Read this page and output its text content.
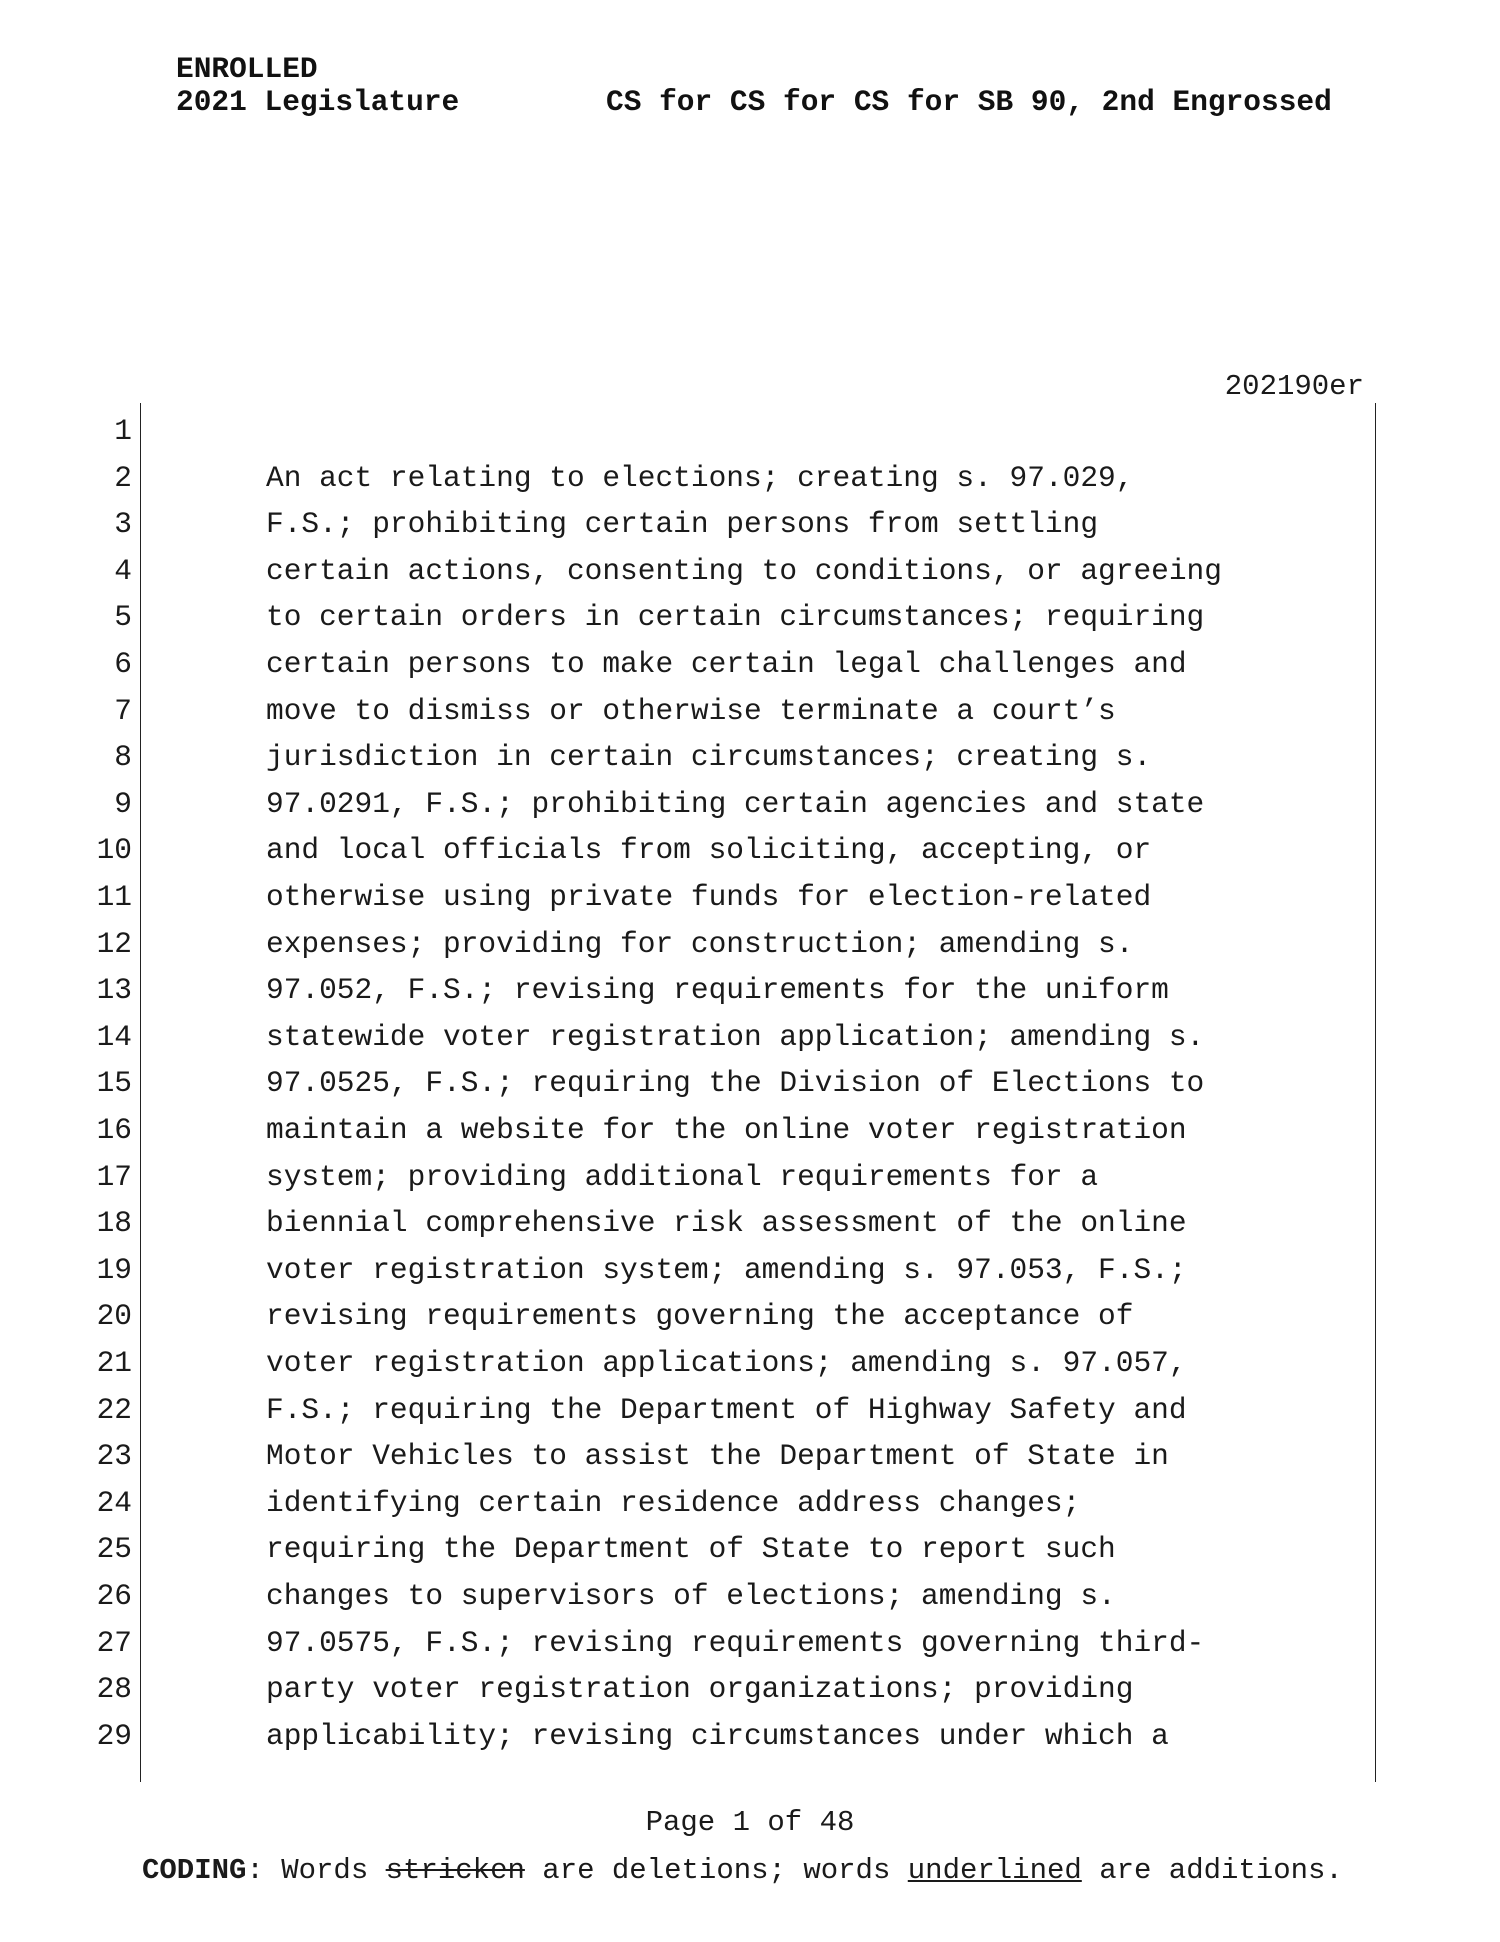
ENROLLED
2021 Legislature	CS for CS for CS for SB 90, 2nd Engrossed
202190er
1
2	An act relating to elections; creating s. 97.029,
3	F.S.; prohibiting certain persons from settling
4	certain actions, consenting to conditions, or agreeing
5	to certain orders in certain circumstances; requiring
6	certain persons to make certain legal challenges and
7	move to dismiss or otherwise terminate a court’s
8	jurisdiction in certain circumstances; creating s.
9	97.0291, F.S.; prohibiting certain agencies and state
10	and local officials from soliciting, accepting, or
11	otherwise using private funds for election-related
12	expenses; providing for construction; amending s.
13	97.052, F.S.; revising requirements for the uniform
14	statewide voter registration application; amending s.
15	97.0525, F.S.; requiring the Division of Elections to
16	maintain a website for the online voter registration
17	system; providing additional requirements for a
18	biennial comprehensive risk assessment of the online
19	voter registration system; amending s. 97.053, F.S.;
20	revising requirements governing the acceptance of
21	voter registration applications; amending s. 97.057,
22	F.S.; requiring the Department of Highway Safety and
23	Motor Vehicles to assist the Department of State in
24	identifying certain residence address changes;
25	requiring the Department of State to report such
26	changes to supervisors of elections; amending s.
27	97.0575, F.S.; revising requirements governing third-
28	party voter registration organizations; providing
29	applicability; revising circumstances under which a
Page 1 of 48
CODING: Words stricken are deletions; words underlined are additions.
